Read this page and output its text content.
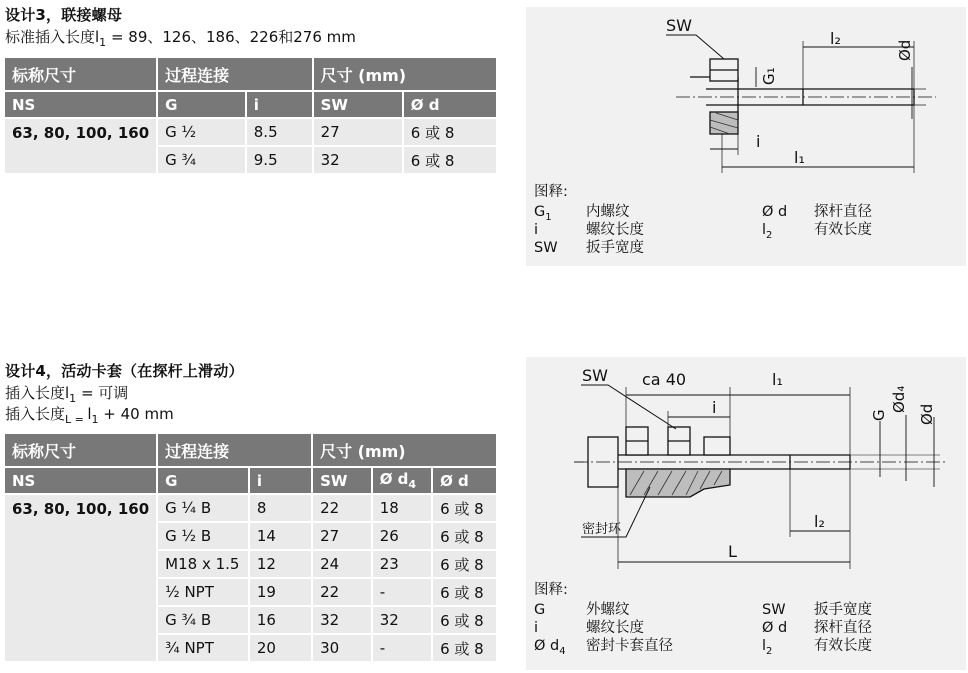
设计3，联接螺母
标准插入长度$l_1 = 89$、126、186、226和276 mm
标称尺寸	过程连接		尺寸 (mm)	
NS	G	i	SW	Ø d
63, 80, 100, 160	G ½	8.5	27	6 或 8
	G ¾	9.5	32	6 或 8
SW
G₁
l₂
Ød
i
l₁
图释:
$G_1$ 内螺纹
i	螺纹长度
SW 扳手宽度
Ø d 探杆直径
$l_2$	有效长度
设计4，活动卡套（在探杆上滑动）
插入长度$l_1$ = 可调
插入长度$_{L =}$ $l_1 + 40$ mm
标称尺寸	过程连接		尺寸 (mm)		
NS	G	i	SW	Ø $d_4$	Ø d
63, 80, 100, 160	G ¼ B	8	22	18	6 或 8
	G ½ B	14	27	26	6 或 8
	M18 x 1.5	12	24	23	6 或 8
	½ NPT	19	22	-	6 或 8
	G ¾ B	16	32	32	6 或 8
	¾ NPT	20	30	-	6 或 8
SW ca 40	l₁
i	G
Ød₄
Ød
密封环	l₂
L
图释:
G	外螺纹
i	螺纹长度
Ø $d_4$ 密封卡套直径
SW 扳手宽度
Ø d 探杆直径
$l_2$	有效长度
